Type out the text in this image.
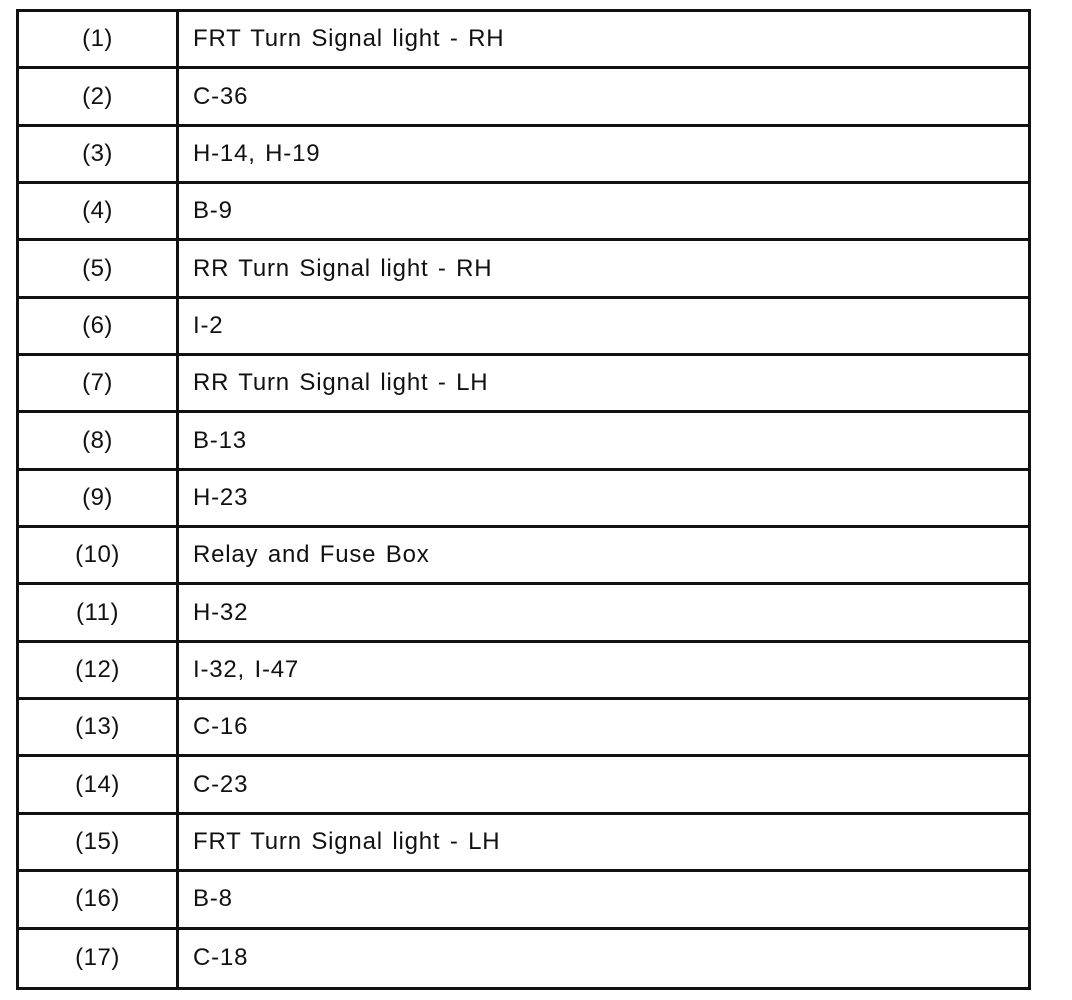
(1)	FRT Turn Signal light - RH
(2)	C-36
(3)	H-14, H-19
(4)	B-9
(5)	RR Turn Signal light - RH
(6)	I-2
(7)	RR Turn Signal light - LH
(8)	B-13
(9)	H-23
(10)	Relay and Fuse Box
(11)	H-32
(12)	I-32, I-47
(13)	C-16
(14)	C-23
(15)	FRT Turn Signal light - LH
(16)	B-8
(17)	C-18
